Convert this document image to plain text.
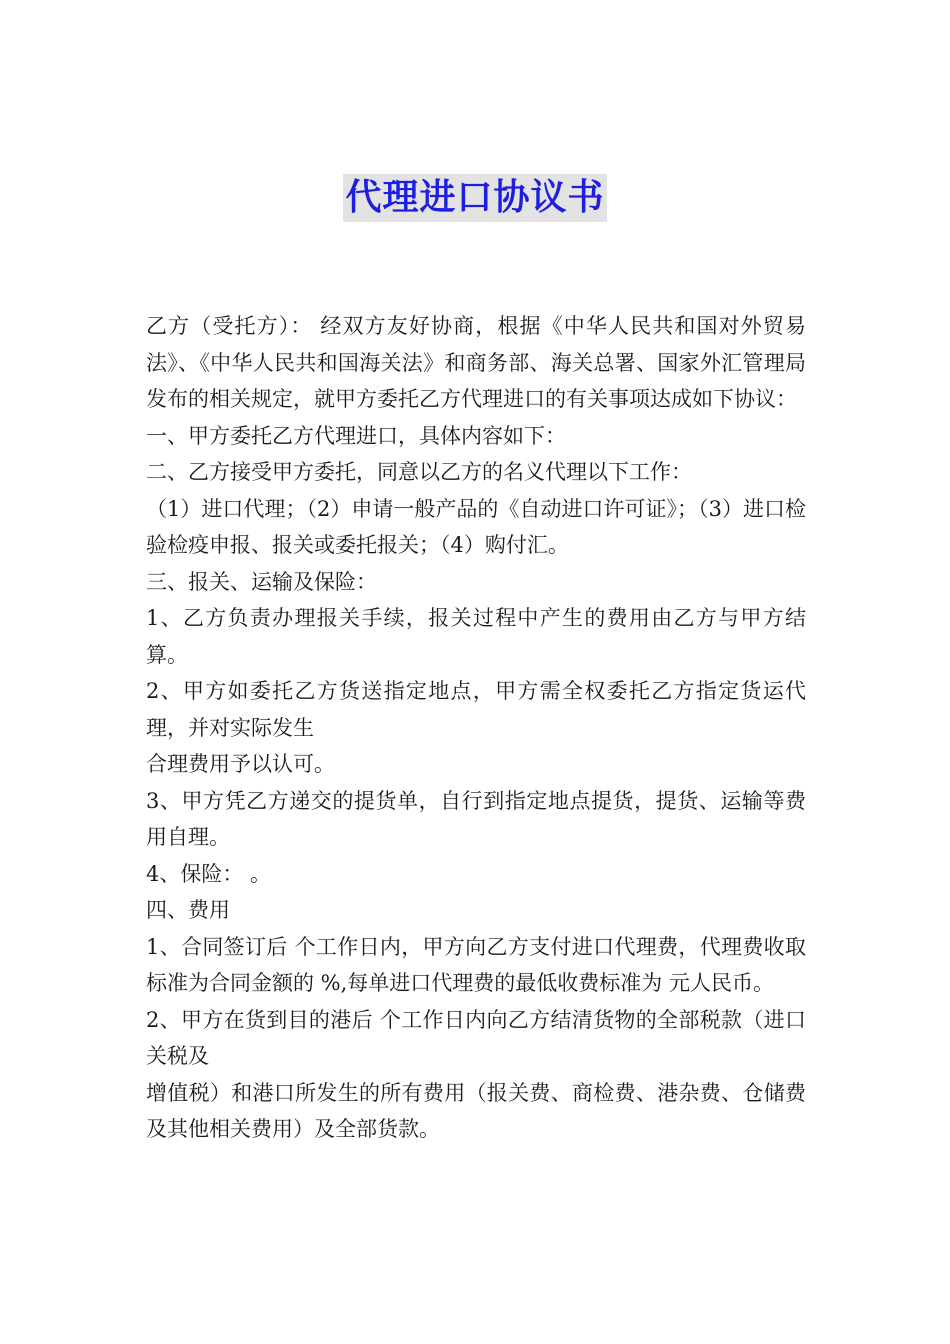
代理进口协议书

乙方（受托方）： 经双方友好协商，根据《中华人民共和国对外贸易法》、《中华人民共和国海关法》和商务部、海关总署、国家外汇管理局发布的相关规定，就甲方委托乙方代理进口的有关事项达成如下协议：

一、甲方委托乙方代理进口，具体内容如下：

二、乙方接受甲方委托，同意以乙方的名义代理以下工作：

（1）进口代理；（2）申请一般产品的《自动进口许可证》；（3）进口检验检疫申报、报关或委托报关；（4）购付汇。

三、报关、运输及保险：

1、乙方负责办理报关手续，报关过程中产生的费用由乙方与甲方结算。

2、甲方如委托乙方货送指定地点，甲方需全权委托乙方指定货运代理，并对实际发生

合理费用予以认可。

3、甲方凭乙方递交的提货单，自行到指定地点提货，提货、运输等费用自理。

4、保险： 。

四、费用

1、合同签订后 个工作日内，甲方向乙方支付进口代理费，代理费收取标准为合同金额的 %,每单进口代理费的最低收费标准为 元人民币。

2、甲方在货到目的港后 个工作日内向乙方结清货物的全部税款（进口关税及

增值税）和港口所发生的所有费用（报关费、商检费、港杂费、仓储费及其他相关费用）及全部货款。
